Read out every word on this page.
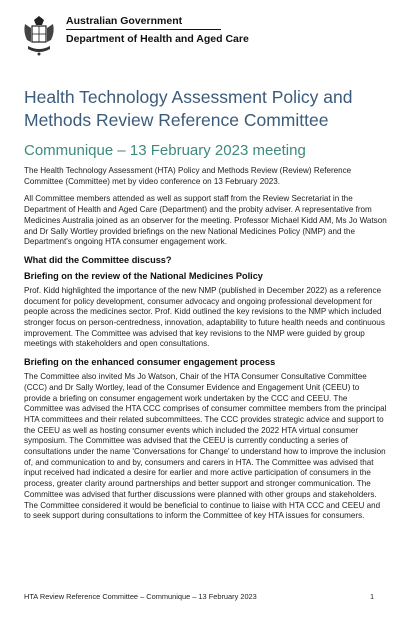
Australian Government
Department of Health and Aged Care
Health Technology Assessment Policy and Methods Review Reference Committee
Communique – 13 February 2023 meeting

The Health Technology Assessment (HTA) Policy and Methods Review (Review) Reference Committee (Committee) met by video conference on 13 February 2023.

All Committee members attended as well as support staff from the Review Secretariat in the Department of Health and Aged Care (Department) and the probity adviser. A representative from Medicines Australia joined as an observer for the meeting. Professor Michael Kidd AM, Ms Jo Watson and Dr Sally Wortley provided briefings on the new National Medicines Policy (NMP) and the Department's ongoing HTA consumer engagement work.

What did the Committee discuss?
Briefing on the review of the National Medicines Policy

Prof. Kidd highlighted the importance of the new NMP (published in December 2022) as a reference document for policy development, consumer advocacy and ongoing professional development for people across the medicines sector. Prof. Kidd outlined the key revisions to the NMP which included stronger focus on person-centredness, innovation, adaptability to future health needs and continuous improvement. The Committee was advised that key revisions to the NMP were guided by group meetings with stakeholders and open consultations.

Briefing on the enhanced consumer engagement process

The Committee also invited Ms Jo Watson, Chair of the HTA Consumer Consultative Committee (CCC) and Dr Sally Wortley, lead of the Consumer Evidence and Engagement Unit (CEEU) to provide a briefing on consumer engagement work undertaken by the CCC and CEEU. The Committee was advised the HTA CCC comprises of consumer committee members from the principal HTA committees and their related subcommittees. The CCC provides strategic advice and support to the CEEU as well as hosting consumer events which included the 2022 HTA virtual consumer symposium. The Committee was advised that the CEEU is currently conducting a series of consultations under the name 'Conversations for Change' to understand how to improve the inclusion of, and communication to and by, consumers and carers in HTA. The Committee was advised that input received had indicated a desire for earlier and more active participation of consumers in the process, greater clarity around partnerships and better support and stronger communication. The Committee was advised that further discussions were planned with other groups and stakeholders. The Committee considered it would be beneficial to continue to liaise with HTA CCC and CEEU and to seek support during consultations to inform the Committee of key HTA issues for consumers.

HTA Review Reference Committee – Communique – 13 February 2023	1
